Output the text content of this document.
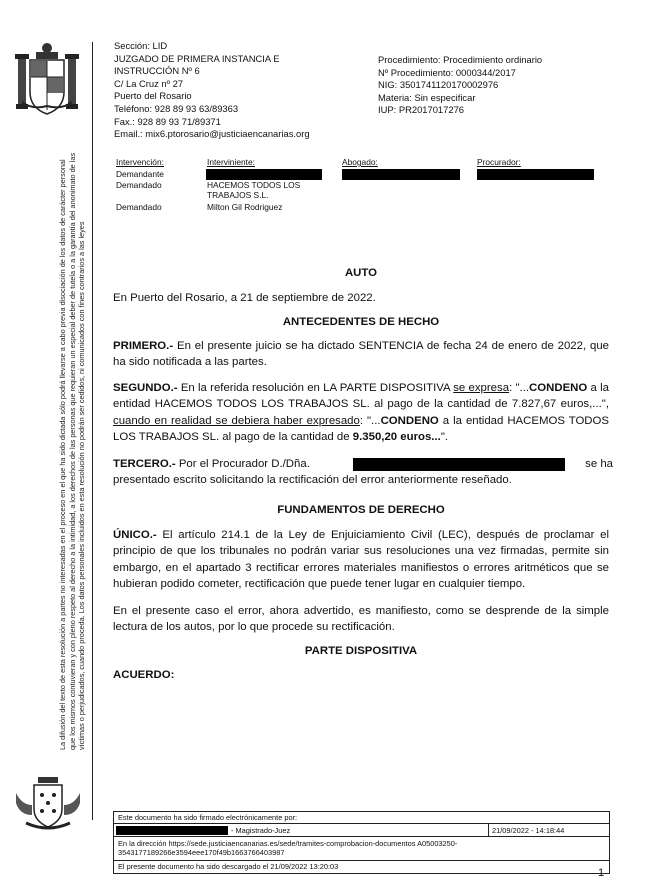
La difusión del texto de esta resolución a partes no interesadas en el proceso en el que ha sido dictada sólo podrá llevarse a cabo previa disociación de los datos de carácter personal que los mismos contuvieran y con pleno respeto al derecho a la intimidad, a los derechos de las personas que requieran un especial deber de tutela o a la garantía del anonimato de las víctimas o perjudicados, cuando proceda. Los datos personales incluidos en esta resolución no podrán ser cedidos, ni comunicados con fines contrarios a las leyes
Sección: LID
JUZGADO DE PRIMERA INSTANCIA E
INSTRUCCIÓN Nº 6
C/ La Cruz nº 27
Puerto del Rosario
Teléfono: 928 89 93 63/89363
Fax.: 928 89 93 71/89371
Email.: mix6.ptorosario@justiciaencanarias.org
Procedimiento: Procedimiento ordinario
Nº Procedimiento: 0000344/2017
NIG: 3501741120170002976
Materia: Sin especificar
IUP: PR2017017276
Intervención:	Interviniente:	Abogado:	Procurador:
Demandante
Demandado	HACEMOS TODOS LOS
TRABAJOS S.L.
Demandado	Milton Gil Rodriguez
AUTO
En Puerto del Rosario, a 21 de septiembre de 2022.
ANTECEDENTES DE HECHO
PRIMERO.- En el presente juicio se ha dictado SENTENCIA de fecha 24 de enero de 2022, que ha sido notificada a las partes.
SEGUNDO.- En la referida resolución en LA PARTE DISPOSITIVA se expresa: "...CONDENO a la entidad HACEMOS TODOS LOS TRABAJOS SL. al pago de la cantidad de 7.827,67 euros,...", cuando en realidad se debiera haber expresado: "...CONDENO a la entidad HACEMOS TODOS LOS TRABAJOS SL. al pago de la cantidad de 9.350,20 euros...".
TERCERO.- Por el Procurador D./Dña.	se ha
presentado escrito solicitando la rectificación del error anteriormente reseñado.
FUNDAMENTOS DE DERECHO
ÚNICO.- El artículo 214.1 de la Ley de Enjuiciamiento Civil (LEC), después de proclamar el principio de que los tribunales no podrán variar sus resoluciones una vez firmadas, permite sin embargo, en el apartado 3 rectificar errores materiales manifiestos o errores aritméticos que se hubieran podido cometer, rectificación que puede tener lugar en cualquier tiempo.
En el presente caso el error, ahora advertido, es manifiesto, como se desprende de la simple lectura de los autos, por lo que procede su rectificación.
PARTE DISPOSITIVA
ACUERDO:
Este documento ha sido firmado electrónicamente por:
- Magistrado-Juez	21/09/2022 - 14:18:44
En la dirección https://sede.justiciaencanarias.es/sede/tramites-comprobacion-documentos A05003250-
3543177189266e3594eee170f49b1663766403987
El presente documento ha sido descargado el 21/09/2022 13:20:03
1
